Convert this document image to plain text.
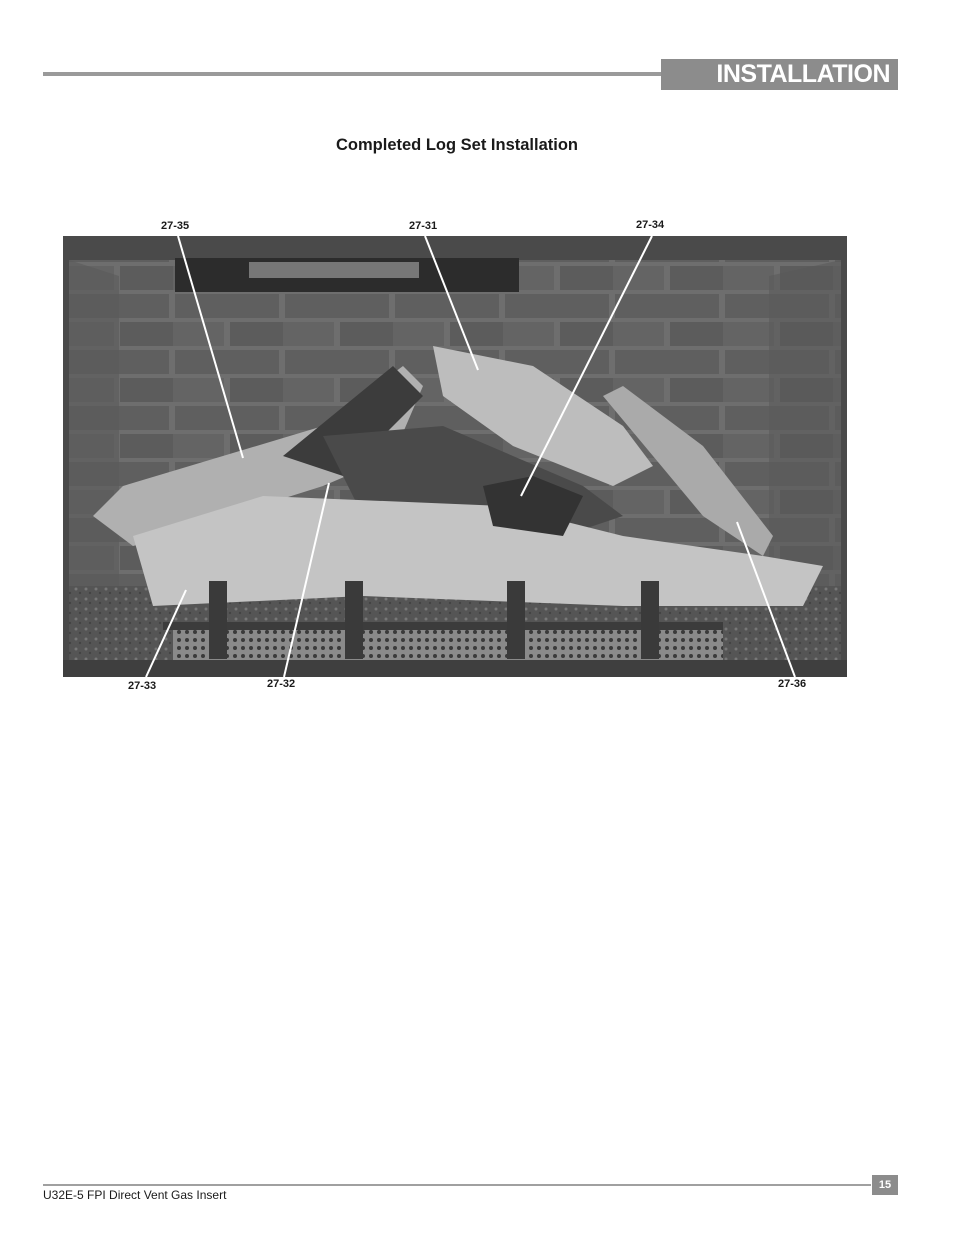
INSTALLATION
Completed Log Set Installation
27-35	27-31	27-34
27-33	27-32	27-36
U32E-5 FPI Direct Vent Gas Insert
15
